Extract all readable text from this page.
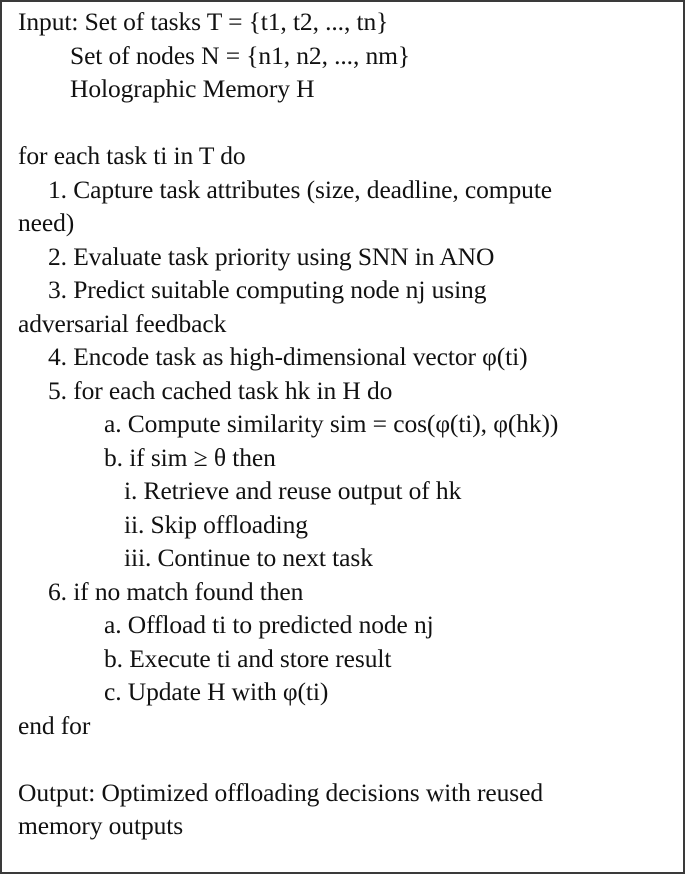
Input: Set of tasks T = {t1, t2, ..., tn}
Set of nodes N = {n1, n2, ..., nm}
Holographic Memory H
for each task ti in T do
1. Capture task attributes (size, deadline, compute
need)
2. Evaluate task priority using SNN in ANO
3. Predict suitable computing node nj using
adversarial feedback
4. Encode task as high-dimensional vector φ(ti)
5. for each cached task hk in H do
a. Compute similarity sim = cos(φ(ti), φ(hk))
b. if sim ≥ θ then
i. Retrieve and reuse output of hk
ii. Skip offloading
iii. Continue to next task
6. if no match found then
a. Offload ti to predicted node nj
b. Execute ti and store result
c. Update H with φ(ti)
end for
Output: Optimized offloading decisions with reused
memory outputs
